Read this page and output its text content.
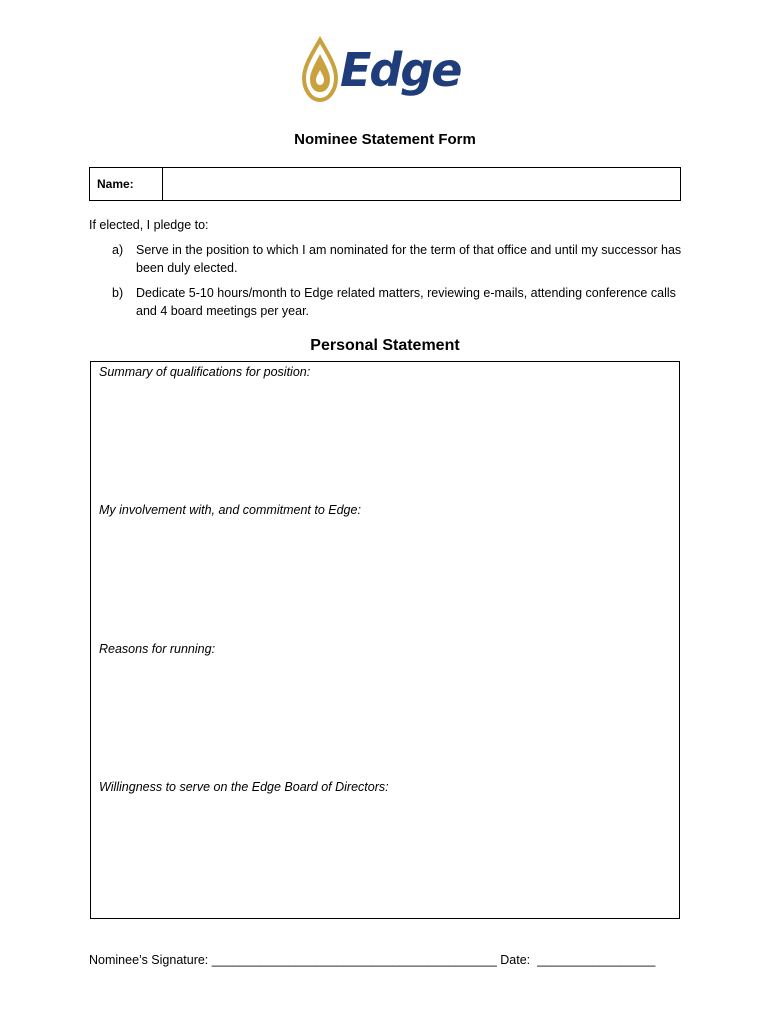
Edge
Nominee Statement Form
Name:
If elected, I pledge to:
a)	Serve in the position to which I am nominated for the term of that office and until my successor has been duly elected.
b)	Dedicate 5-10 hours/month to Edge related matters, reviewing e-mails, attending conference calls and 4 board meetings per year.
Personal Statement
Summary of qualifications for position:
My involvement with, and commitment to Edge:
Reasons for running:
Willingness to serve on the Edge Board of Directors:
Nominee’s Signature: _________________________________________ Date: _________________
